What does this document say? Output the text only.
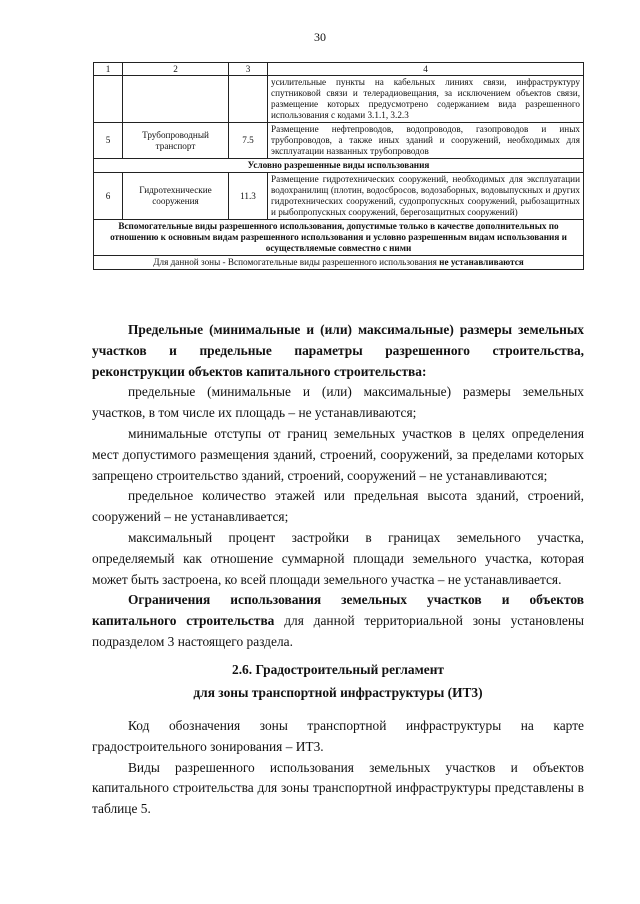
30
1	2	3	4
			усилительные пункты на кабельных линиях связи, инфраструктуру спутниковой связи и телерадиовещания, за исключением объектов связи, размещение которых предусмотрено содержанием вида разрешенного использования с кодами 3.1.1, 3.2.3
5	Трубопроводный транспорт	7.5	Размещение нефтепроводов, водопроводов, газопроводов и иных трубопроводов, а также иных зданий и сооружений, необходимых для эксплуатации названных трубопроводов
Условно разрешенные виды использования			
6	Гидротехнические сооружения	11.3	Размещение гидротехнических сооружений, необходимых для эксплуатации водохранилищ (плотин, водосбросов, водозаборных, водовыпускных и других гидротехнических сооружений, судопропускных сооружений, рыбозащитных и рыбопропускных сооружений, берегозащитных сооружений)
Вспомогательные виды разрешенного использования, допустимые только в качестве дополнительных по отношению к основным видам разрешенного использования и условно разрешенным видам использования и осуществляемые совместно с ними			
Для данной зоны - Вспомогательные виды разрешенного использования не устанавливаются			

Предельные (минимальные и (или) максимальные) размеры земельных участков и предельные параметры разрешенного строительства, реконструкции объектов капитального строительства:

предельные (минимальные и (или) максимальные) размеры земельных участков, в том числе их площадь – не устанавливаются;

минимальные отступы от границ земельных участков в целях определения мест допустимого размещения зданий, строений, сооружений, за пределами которых запрещено строительство зданий, строений, сооружений – не устанавливаются;

предельное количество этажей или предельная высота зданий, строений, сооружений – не устанавливается;

максимальный процент застройки в границах земельного участка, определяемый как отношение суммарной площади земельного участка, которая может быть застроена, ко всей площади земельного участка – не устанавливается.

Ограничения использования земельных участков и объектов капитального строительства для данной территориальной зоны установлены подразделом 3 настоящего раздела.

2.6. Градостроительный регламент
для зоны транспортной инфраструктуры (ИТ3)

Код обозначения зоны транспортной инфраструктуры на карте градостроительного зонирования – ИТ3.

Виды разрешенного использования земельных участков и объектов капитального строительства для зоны транспортной инфраструктуры представлены в таблице 5.
